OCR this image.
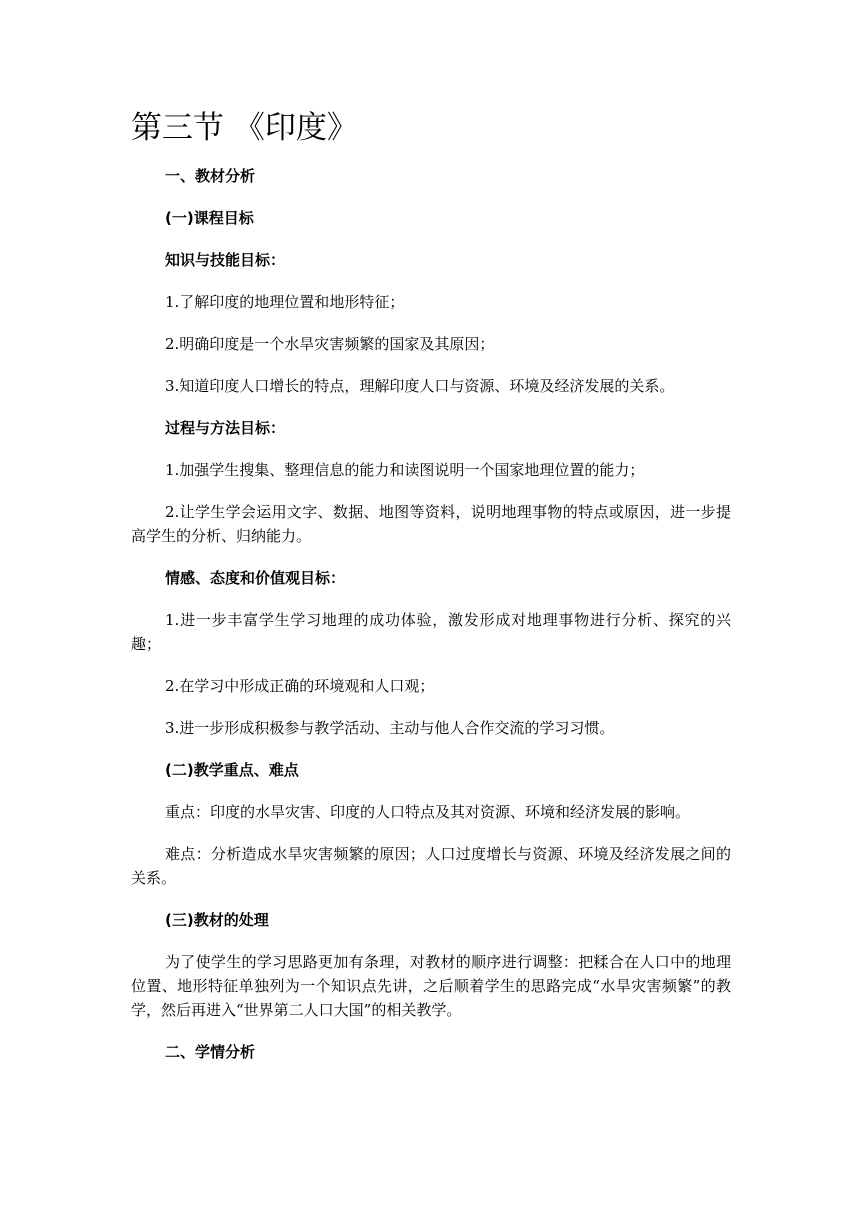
第三节 《印度》
一、教材分析
(一)课程目标
知识与技能目标：
1.了解印度的地理位置和地形特征；
2.明确印度是一个水旱灾害频繁的国家及其原因；
3.知道印度人口增长的特点，理解印度人口与资源、环境及经济发展的关系。
过程与方法目标：
1.加强学生搜集、整理信息的能力和读图说明一个国家地理位置的能力；
2.让学生学会运用文字、数据、地图等资料，说明地理事物的特点或原因，进一步提高学生的分析、归纳能力。
情感、态度和价值观目标：
1.进一步丰富学生学习地理的成功体验，激发形成对地理事物进行分析、探究的兴趣；
2.在学习中形成正确的环境观和人口观；
3.进一步形成积极参与教学活动、主动与他人合作交流的学习习惯。
(二)教学重点、难点
重点：印度的水旱灾害、印度的人口特点及其对资源、环境和经济发展的影响。
难点：分析造成水旱灾害频繁的原因；人口过度增长与资源、环境及经济发展之间的关系。
(三)教材的处理
为了使学生的学习思路更加有条理，对教材的顺序进行调整：把糅合在人口中的地理位置、地形特征单独列为一个知识点先讲，之后顺着学生的思路完成“水旱灾害频繁”的教学，然后再进入“世界第二人口大国”的相关教学。
二、学情分析
